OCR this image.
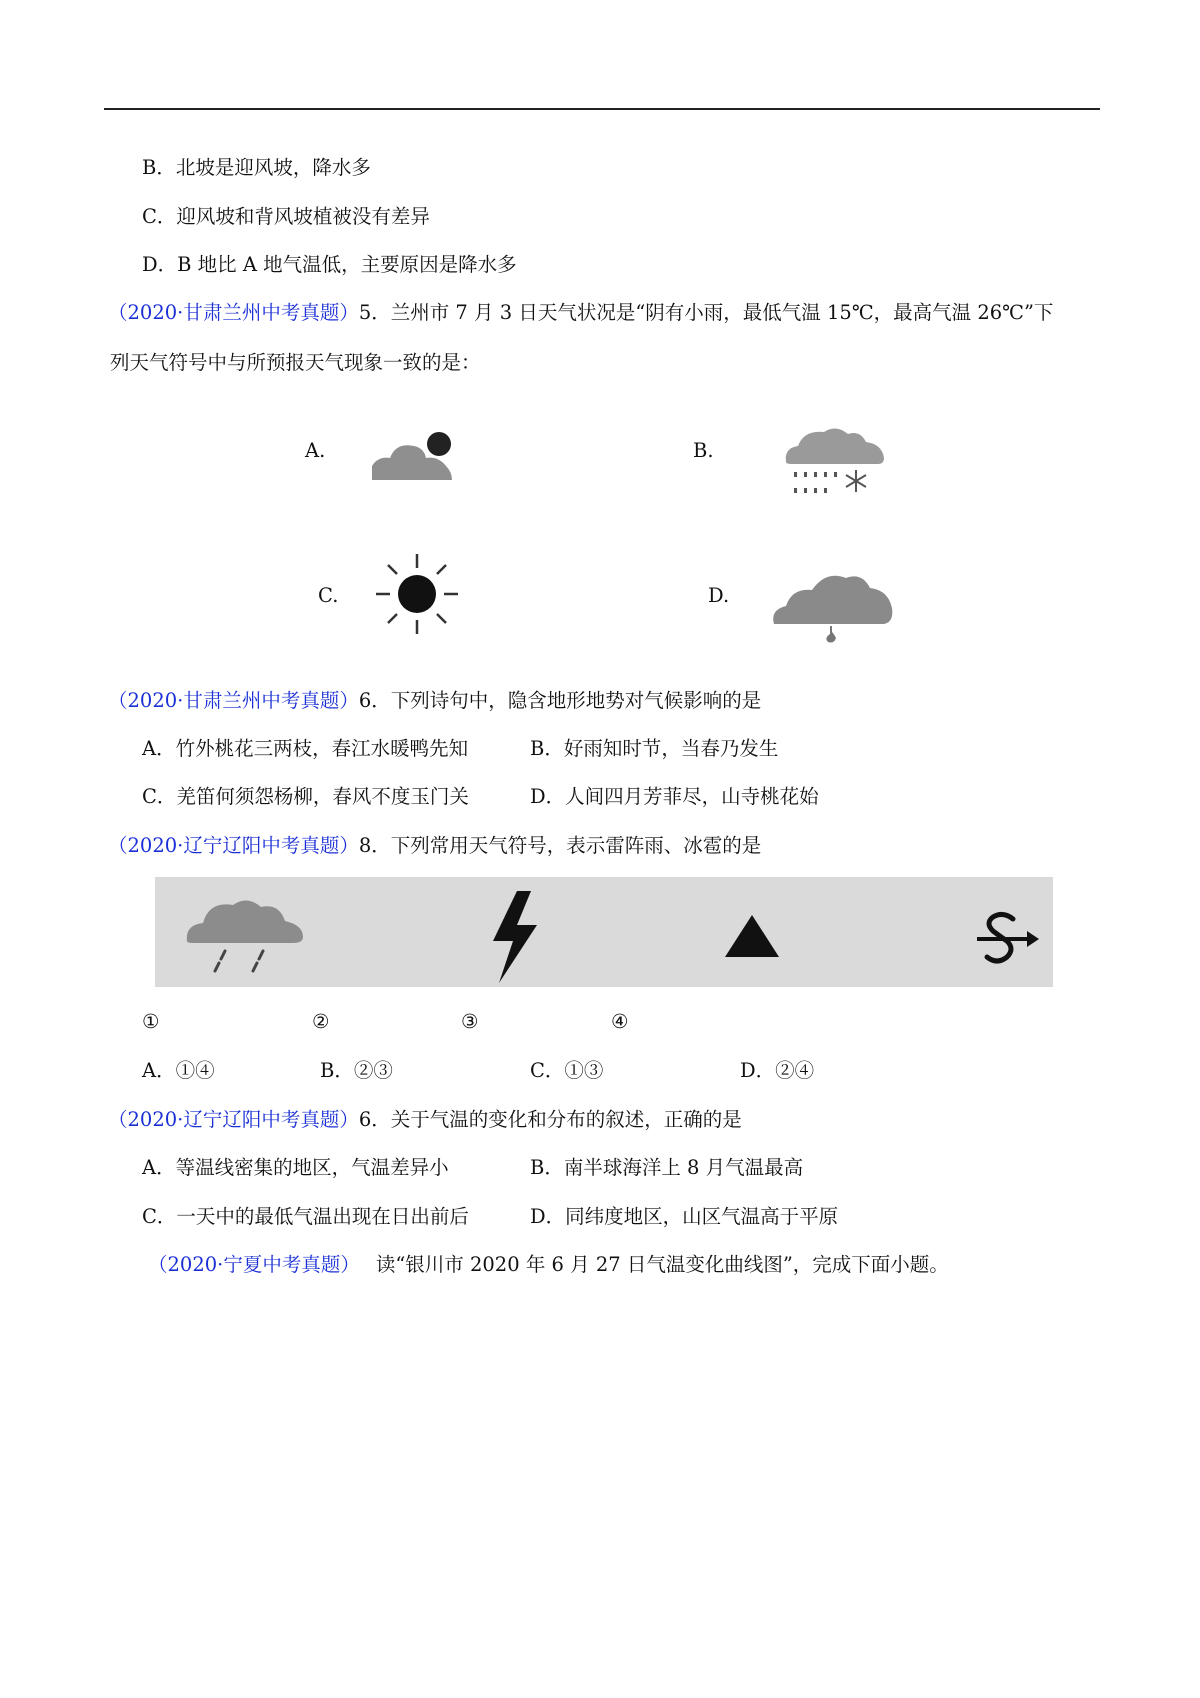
B．北坡是迎风坡，降水多
C．迎风坡和背风坡植被没有差异
D．B 地比 A 地气温低，主要原因是降水多
（2020·甘肃兰州中考真题）5．兰州市 7 月 3 日天气状况是“阴有小雨，最低气温 15℃，最高气温 26℃”下
列天气符号中与所预报天气现象一致的是：
A.	B.
C.	D.
（2020·甘肃兰州中考真题）6．下列诗句中，隐含地形地势对气候影响的是
A．竹外桃花三两枝，春江水暖鸭先知	B．好雨知时节，当春乃发生
C．羌笛何须怨杨柳，春风不度玉门关	D．人间四月芳菲尽，山寺桃花始
（2020·辽宁辽阳中考真题）8．下列常用天气符号，表示雷阵雨、冰雹的是
①	②	③	④
A．①④	B．②③	C．①③	D．②④
（2020·辽宁辽阳中考真题）6．关于气温的变化和分布的叙述，正确的是
A．等温线密集的地区，气温差异小	B．南半球海洋上 8 月气温最高
C．一天中的最低气温出现在日出前后	D．同纬度地区，山区气温高于平原
（2020·宁夏中考真题） 读“银川市 2020 年 6 月 27 日气温变化曲线图”，完成下面小题。
